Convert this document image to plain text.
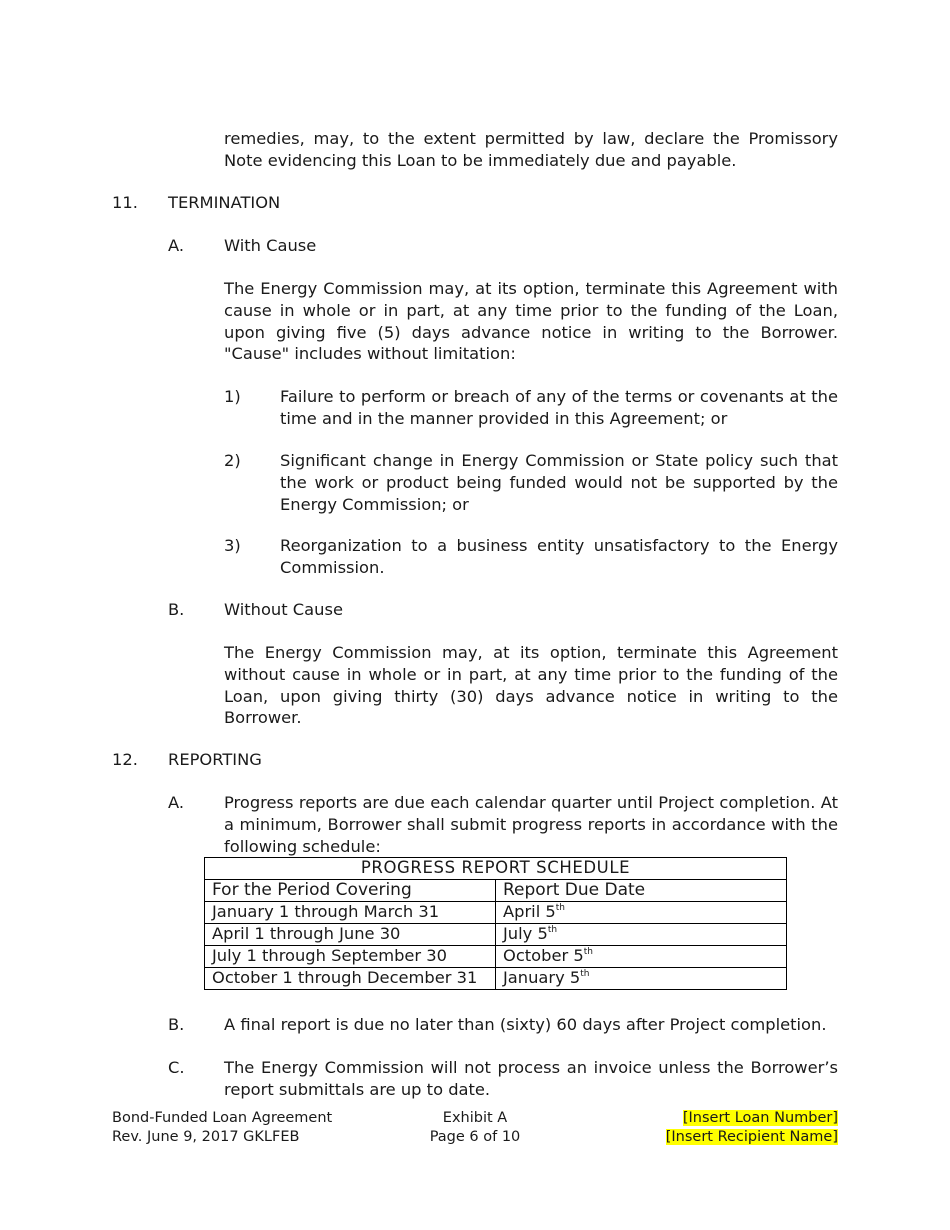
remedies, may, to the extent permitted by law, declare the Promissory Note evidencing this Loan to be immediately due and payable.
11. TERMINATION
A. With Cause
The Energy Commission may, at its option, terminate this Agreement with cause in whole or in part, at any time prior to the funding of the Loan, upon giving five (5) days advance notice in writing to the Borrower. "Cause" includes without limitation:
1) Failure to perform or breach of any of the terms or covenants at the time and in the manner provided in this Agreement; or
2) Significant change in Energy Commission or State policy such that the work or product being funded would not be supported by the Energy Commission; or
3) Reorganization to a business entity unsatisfactory to the Energy Commission.
B. Without Cause
The Energy Commission may, at its option, terminate this Agreement without cause in whole or in part, at any time prior to the funding of the Loan, upon giving thirty (30) days advance notice in writing to the Borrower.
12. REPORTING
A. Progress reports are due each calendar quarter until Project completion. At a minimum, Borrower shall submit progress reports in accordance with the following schedule:
PROGRESS REPORT SCHEDULE	
For the Period Covering	Report Due Date
January 1 through March 31	April 5th
April 1 through June 30	July 5th
July 1 through September 30	October 5th
October 1 through December 31	January 5th
B. A final report is due no later than (sixty) 60 days after Project completion.
C. The Energy Commission will not process an invoice unless the Borrower’s report submittals are up to date.
Bond-Funded Loan Agreement
Rev. June 9, 2017 GKLFEB
Exhibit A
Page 6 of 10
[Insert Loan Number]
[Insert Recipient Name]
